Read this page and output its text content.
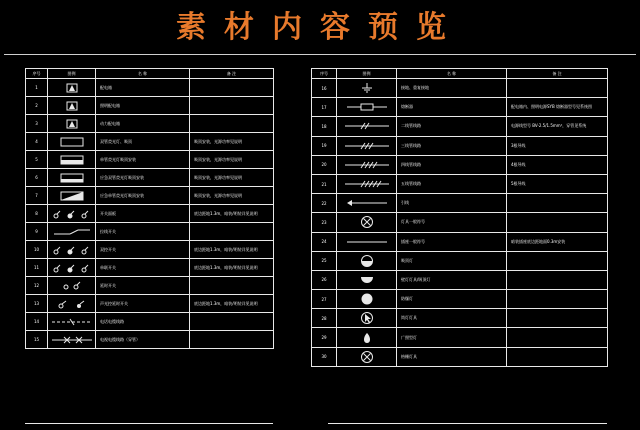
素材内容预览
序号	图例	名 称	备 注
1		配电箱	
2		照明配电箱	
3		动力配电箱	
4		双管荧光灯、吸顶	吸顶安装，光源功率见说明
5		单管荧光灯吸顶安装	吸顶安装，光源功率见说明
6		应急双管荧光灯吸顶安装	吸顶安装，光源功率见说明
7		应急单管荧光灯吸顶安装	吸顶安装，光源功率见说明
8		开关面板	底边距地1.3m，暗装/明装详见说明
9		拉线开关	
10		双控开关	底边距地1.3m，暗装/明装详见说明
11		单联开关	底边距地1.3m，暗装/明装详见说明
12		延时开关	
13		声光控延时开关	底边距地1.3m，暗装/明装详见说明
14		电话电缆线路	
15		电视电缆线路（穿管）	
序号	图例	名 称	备 注
16		接地、重复接地	
17		熔断器	配电箱内、照明电源SYB 熔断器型号见系统图
18		二线管线路	电源线型号 BV-2.5/1.5mm²，穿管见系统
19		三线管线路	3根导线
20		四线管线路	4根导线
21		五线管线路	5根导线
22		引线	
23		灯具一般符号	
24		插座一般符号	暗装插座底边距地面0.3m安装
25		吸顶灯	
26		壁灯灯具/吸顶灯	
27		防爆灯	
28		筒灯灯具	
29		广照型灯	
30		格栅灯具	
